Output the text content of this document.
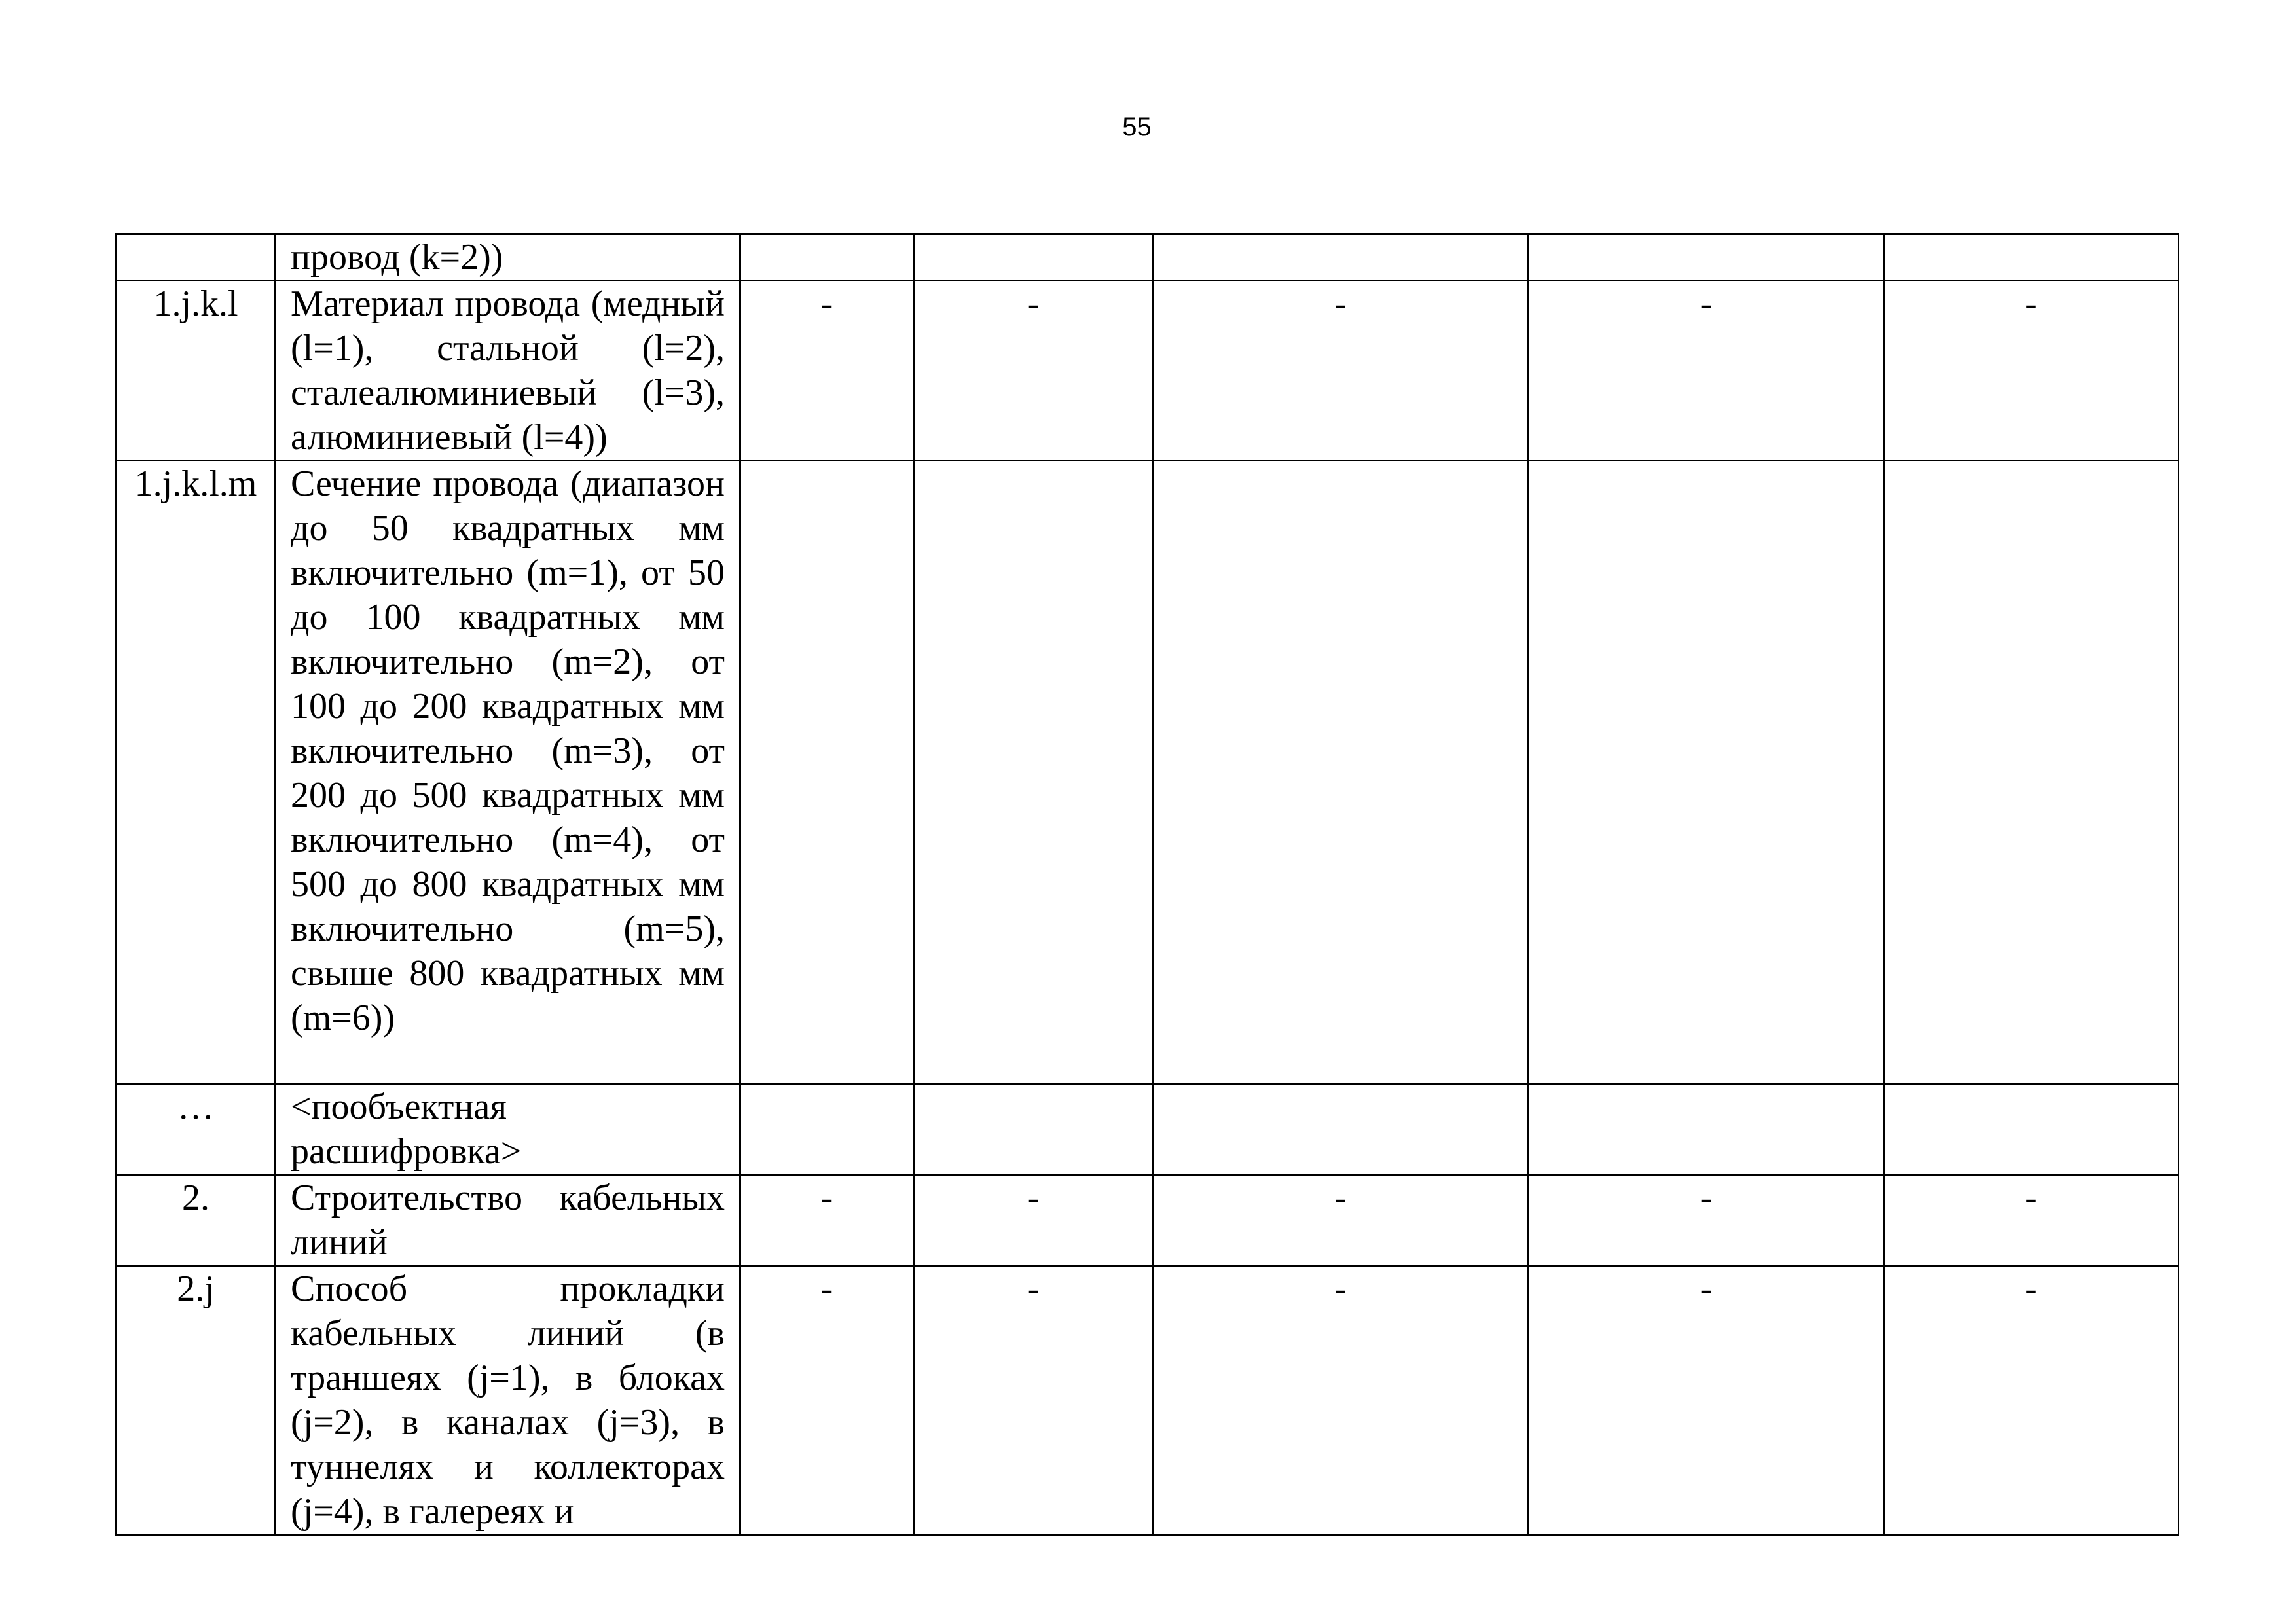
55
	провод (k=2))					
1.j.k.l	Материал провода (медный (l=1), стальной (l=2), сталеалюминиевый (l=3), алюминиевый (l=4))	-	-	-	-	-
1.j.k.l.m	Сечение провода (диапазон до 50 квадратных мм включительно (m=1), от 50 до 100 квадратных мм включительно (m=2), от 100 до 200 квадратных мм включительно (m=3), от 200 до 500 квадратных мм включительно (m=4), от 500 до 800 квадратных мм включительно (m=5), свыше 800 квадратных мм (m=6))					
…	<пообъектная расшифровка>					
2.	Строительство кабельных линий	-	-	-	-	-
2.j	Способ прокладки кабельных линий (в траншеях (j=1), в блоках (j=2), в каналах (j=3), в туннелях и коллекторах (j=4), в галереях и	-	-	-	-	-
